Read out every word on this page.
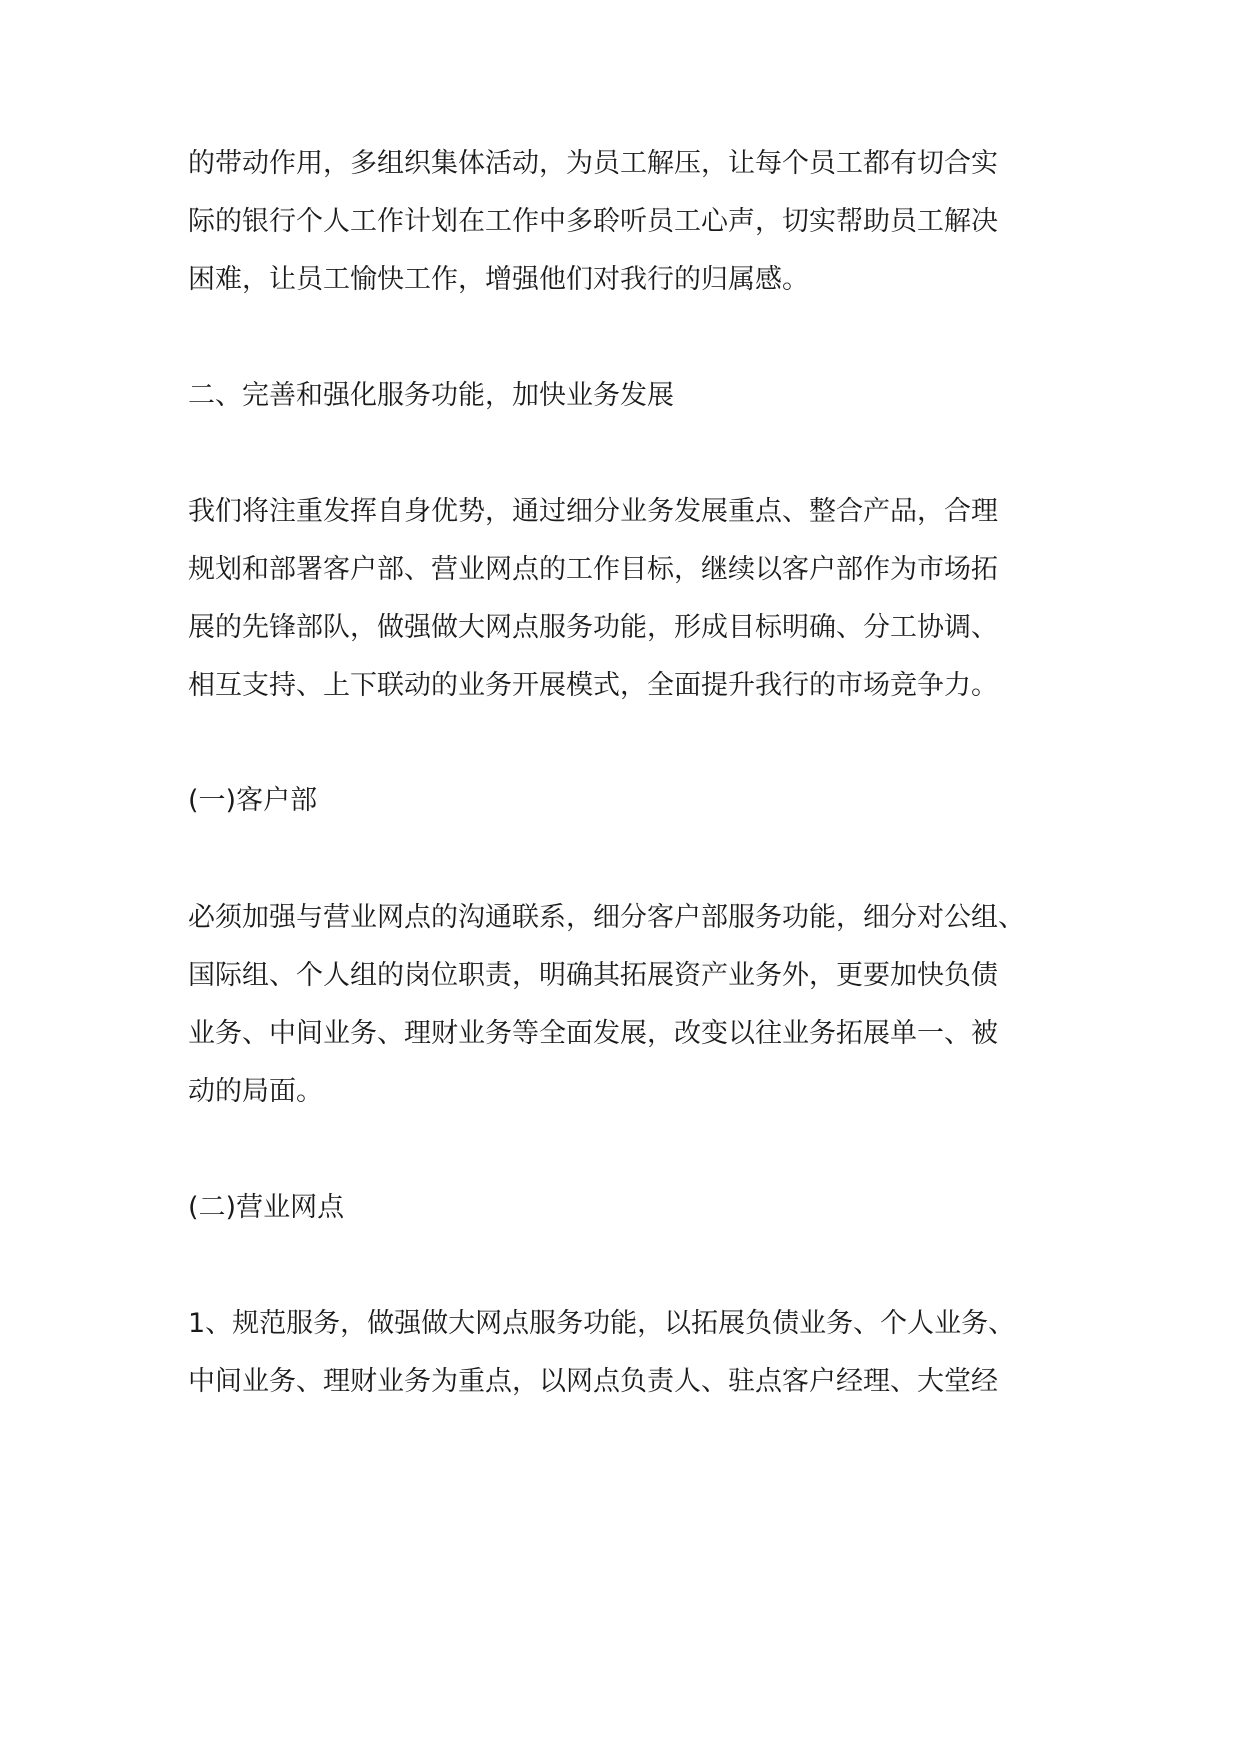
的带动作用，多组织集体活动，为员工解压，让每个员工都有切合实
际的银行个人工作计划在工作中多聆听员工心声，切实帮助员工解决
困难，让员工愉快工作，增强他们对我行的归属感。
二、完善和强化服务功能，加快业务发展
我们将注重发挥自身优势，通过细分业务发展重点、整合产品，合理
规划和部署客户部、营业网点的工作目标，继续以客户部作为市场拓
展的先锋部队，做强做大网点服务功能，形成目标明确、分工协调、
相互支持、上下联动的业务开展模式，全面提升我行的市场竞争力。
(一)客户部
必须加强与营业网点的沟通联系，细分客户部服务功能，细分对公组、
国际组、个人组的岗位职责，明确其拓展资产业务外，更要加快负债
业务、中间业务、理财业务等全面发展，改变以往业务拓展单一、被
动的局面。
(二)营业网点
1、规范服务，做强做大网点服务功能，以拓展负债业务、个人业务、
中间业务、理财业务为重点，以网点负责人、驻点客户经理、大堂经
